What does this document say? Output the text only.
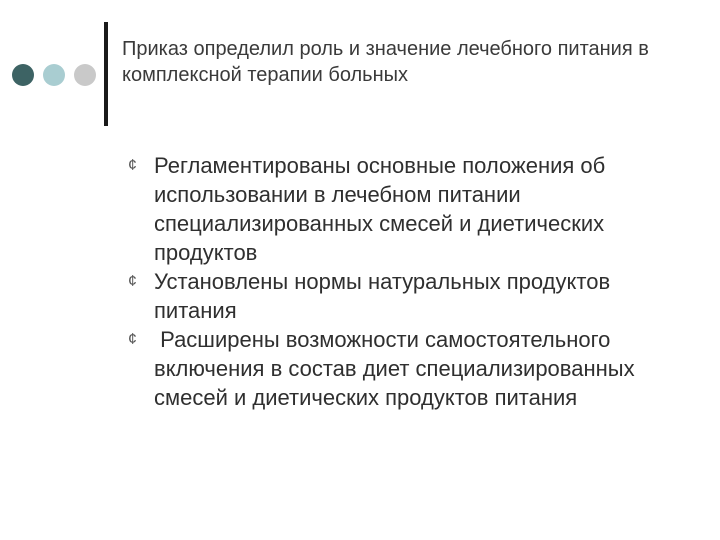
Приказ определил роль и значение лечебного питания в комплексной терапии больных
¢ Регламентированы основные положения об использовании в лечебном питании специализированных смесей и диетических продуктов
¢ Установлены нормы натуральных продуктов питания
¢ Расширены возможности самостоятельного включения в состав диет специализированных смесей и диетических продуктов питания
